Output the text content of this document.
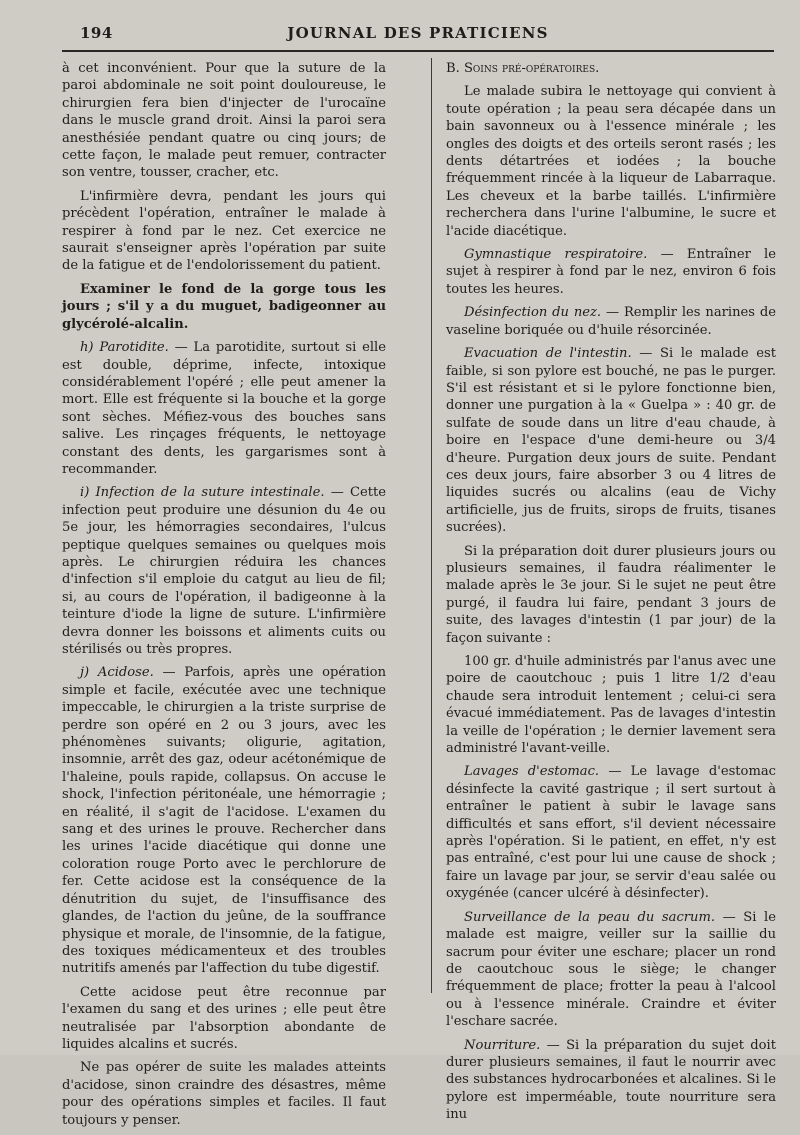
194	JOURNAL DES PRATICIENS

à cet inconvénient. Pour que la suture de la paroi abdominale ne soit point douloureuse, le chirurgien fera bien d'injecter de l'urocaïne dans le muscle grand droit. Ainsi la paroi sera anesthésiée pendant quatre ou cinq jours; de cette façon, le malade peut remuer, contracter son ventre, tousser, cracher, etc.

L'infirmière devra, pendant les jours qui précèdent l'opération, entraîner le malade à respirer à fond par le nez. Cet exercice ne saurait s'enseigner après l'opération par suite de la fatigue et de l'endolorissement du patient.

Examiner le fond de la gorge tous les jours ; s'il y a du muguet, badigeonner au glycérolé-alcalin.

h) Parotidite. — La parotidite, surtout si elle est double, déprime, infecte, intoxique considérablement l'opéré ; elle peut amener la mort. Elle est fréquente si la bouche et la gorge sont sèches. Méfiez-vous des bouches sans salive. Les rinçages fréquents, le nettoyage constant des dents, les gargarismes sont à recommander.

i) Infection de la suture intestinale. — Cette infection peut produire une désunion du 4e ou 5e jour, les hémorragies secondaires, l'ulcus peptique quelques semaines ou quelques mois après. Le chirurgien réduira les chances d'infection s'il emploie du catgut au lieu de fil; si, au cours de l'opération, il badigeonne à la teinture d'iode la ligne de suture. L'infirmière devra donner les boissons et aliments cuits ou stérilisés ou très propres.

j) Acidose. — Parfois, après une opération simple et facile, exécutée avec une technique impeccable, le chirurgien a la triste surprise de perdre son opéré en 2 ou 3 jours, avec les phénomènes suivants; oligurie, agitation, insomnie, arrêt des gaz, odeur acétonémique de l'haleine, pouls rapide, collapsus. On accuse le shock, l'infection péritonéale, une hémorragie ; en réalité, il s'agit de l'acidose. L'examen du sang et des urines le prouve. Rechercher dans les urines l'acide diacétique qui donne une coloration rouge Porto avec le perchlorure de fer. Cette acidose est la conséquence de la dénutrition du sujet, de l'insuffisance des glandes, de l'action du jeûne, de la souffrance physique et morale, de l'insomnie, de la fatigue, des toxiques médicamenteux et des troubles nutritifs amenés par l'affection du tube digestif.

Cette acidose peut être reconnue par l'examen du sang et des urines ; elle peut être neutralisée par l'absorption abondante de liquides alcalins et sucrés.

Ne pas opérer de suite les malades atteints d'acidose, sinon craindre des désastres, même pour des opérations simples et faciles. Il faut toujours y penser.

B. Soins pré-opératoires.

Le malade subira le nettoyage qui convient à toute opération ; la peau sera décapée dans un bain savonneux ou à l'essence minérale ; les ongles des doigts et des orteils seront rasés ; les dents détartrées et iodées ; la bouche fréquemment rincée à la liqueur de Labarraque. Les cheveux et la barbe taillés. L'infirmière recherchera dans l'urine l'albumine, le sucre et l'acide diacétique.

Gymnastique respiratoire. — Entraîner le sujet à respirer à fond par le nez, environ 6 fois toutes les heures.

Désinfection du nez. — Remplir les narines de vaseline boriquée ou d'huile résorcinée.

Evacuation de l'intestin. — Si le malade est faible, si son pylore est bouché, ne pas le purger. S'il est résistant et si le pylore fonctionne bien, donner une purgation à la « Guelpa » : 40 gr. de sulfate de soude dans un litre d'eau chaude, à boire en l'espace d'une demi-heure ou 3/4 d'heure. Purgation deux jours de suite. Pendant ces deux jours, faire absorber 3 ou 4 litres de liquides sucrés ou alcalins (eau de Vichy artificielle, jus de fruits, sirops de fruits, tisanes sucrées).

Si la préparation doit durer plusieurs jours ou plusieurs semaines, il faudra réalimenter le malade après le 3e jour. Si le sujet ne peut être purgé, il faudra lui faire, pendant 3 jours de suite, des lavages d'intestin (1 par jour) de la façon suivante :

100 gr. d'huile administrés par l'anus avec une poire de caoutchouc ; puis 1 litre 1/2 d'eau chaude sera introduit lentement ; celui-ci sera évacué immédiatement. Pas de lavages d'intestin la veille de l'opération ; le dernier lavement sera administré l'avant-veille.

Lavages d'estomac. — Le lavage d'estomac désinfecte la cavité gastrique ; il sert surtout à entraîner le patient à subir le lavage sans difficultés et sans effort, s'il devient nécessaire après l'opération. Si le patient, en effet, n'y est pas entraîné, c'est pour lui une cause de shock ; faire un lavage par jour, se servir d'eau salée ou oxygénée (cancer ulcéré à désinfecter).

Surveillance de la peau du sacrum. — Si le malade est maigre, veiller sur la saillie du sacrum pour éviter une eschare; placer un rond de caoutchouc sous le siège; le changer fréquemment de place; frotter la peau à l'alcool ou à l'essence minérale. Craindre et éviter l'eschare sacrée.

Nourriture. — Si la préparation du sujet doit durer plusieurs semaines, il faut le nourrir avec des substances hydrocarbonées et alcalines. Si le pylore est imperméable, toute nourriture sera inu
